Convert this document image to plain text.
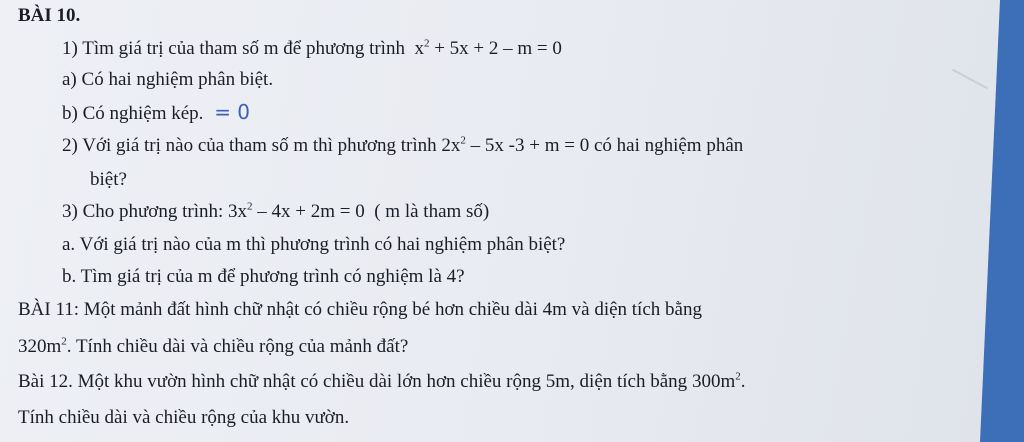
BÀI 10.
1) Tìm giá trị của tham số m để phương trình $x^2 + 5x + 2 - m = 0$
a) Có hai nghiệm phân biệt.
b) Có nghiệm kép. = 0
2) Với giá trị nào của tham số m thì phương trình $2x^2 - 5x$ -3 + m = 0 có hai nghiệm phân
biệt?
3) Cho phương trình: $3x^2 - 4x + 2m = 0$ ( m là tham số)
a. Với giá trị nào của m thì phương trình có hai nghiệm phân biệt?
b. Tìm giá trị của m để phương trình có nghiệm là 4?
BÀI 11: Một mảnh đất hình chữ nhật có chiều rộng bé hơn chiều dài 4m và diện tích bằng
$320m^2$. Tính chiều dài và chiều rộng của mảnh đất?
Bài 12. Một khu vườn hình chữ nhật có chiều dài lớn hơn chiều rộng 5m, diện tích bằng $300m^2$.
Tính chiều dài và chiều rộng của khu vườn.
